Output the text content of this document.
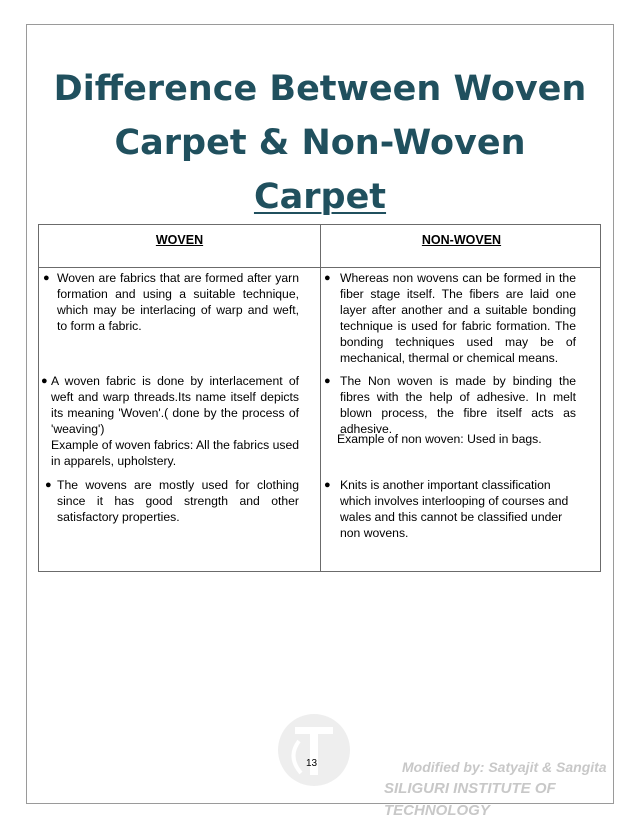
Difference Between Woven
Carpet & Non-Woven
Carpet
WOVEN	NON-WOVEN
● Woven are fabrics that are formed after yarn formation and using a suitable technique, which may be interlacing of warp and weft, to form a fabric.
● A woven fabric is done by interlacement of weft and warp threads.Its name itself depicts its meaning 'Woven'.( done by the process of 'weaving')
Example of woven fabrics: All the fabrics used in apparels, upholstery.
● The wovens are mostly used for clothing since it has good strength and other satisfactory properties.
● Whereas non wovens can be formed in the fiber stage itself. The fibers are laid one layer after another and a suitable bonding technique is used for fabric formation. The bonding techniques used may be of mechanical, thermal or chemical means.
● The Non woven is made by binding the fibres with the help of adhesive. In melt blown process, the fibre itself acts as adhesive.
Example of non woven: Used in bags.
● Knits is another important classification which involves interlooping of courses and wales and this cannot be classified under non wovens.
13	Modified by: Satyajit & Sangita
SILIGURI INSTITUTE OF TECHNOLOGY
